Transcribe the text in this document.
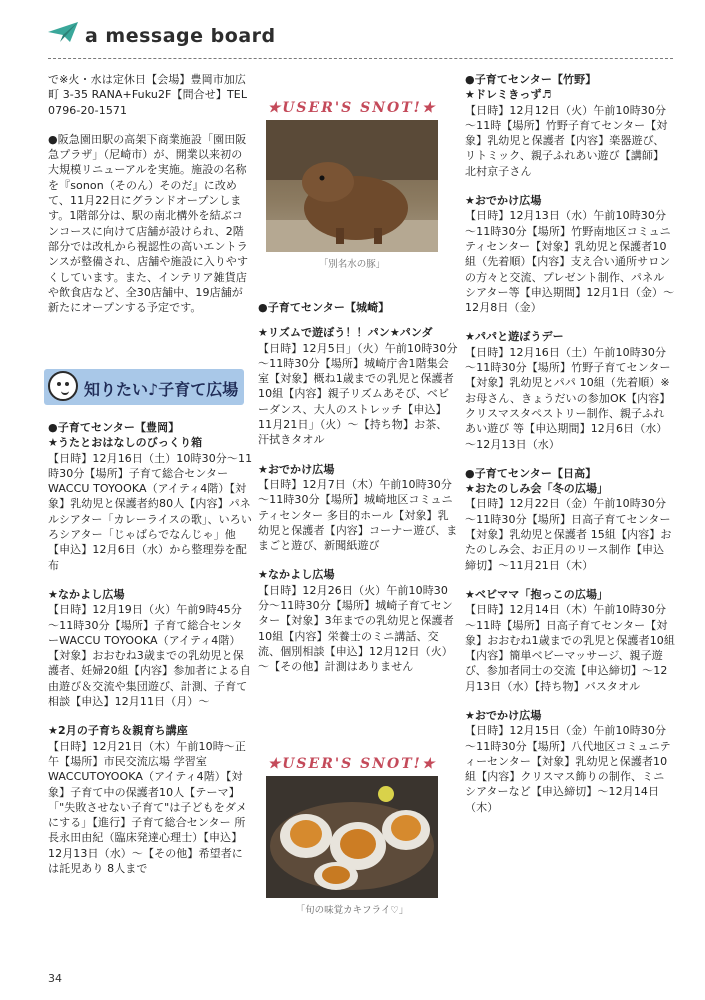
a message board

で※火・水は定休日【会場】豊岡市加広町 3-35 RANA+Fuku2F【問合せ】TEL 0796-20-1571

●阪急園田駅の高架下商業施設「園田阪急プラザ」（尼崎市）が、開業以来初の大規模リニューアルを実施。施設の名称を『sonon（そのん）そのだ』に改めて、11月22日にグランドオープンします。1階部分は、駅の南北構外を結ぶコンコースに向けて店舗が設けられ、2階部分では改札から視認性の高いエントランスが整備され、店舗や施設に入りやすくしています。また、インテリア雑貨店や飲食店など、全30店舗中、19店舗が新たにオープンする予定です。

知りたい♪子育て広場

●子育てセンター【豊岡】

★うたとおはなしのびっくり箱

【日時】12月16日（土）10時30分～11時30分【場所】子育て総合センターWACCU TOYOOKA（アイティ4階）【対象】乳幼児と保護者約80人【内容】パネルシアター「カレーライスの歌」、いろいろシアター「じゃばらでなんじゃ」他【申込】12月6日（水）から整理券を配布

★なかよし広場

【日時】12月19日（火）午前9時45分～11時30分【場所】子育て総合センターWACCU TOYOOKA（アイティ4階）【対象】おおむね3歳までの乳幼児と保護者、妊婦20組【内容】参加者による自由遊び＆交流や集団遊び、計測、子育て相談【申込】12月11日（月）～

★2月の子育ち＆親育ち講座

【日時】12月21日（木）午前10時～正午【場所】市民交流広場 学習室 WACCUTOYOOKA（アイティ4階）【対象】子育て中の保護者10人【テーマ】「"失敗させない子育て"は子どもをダメにする」【進行】子育て総合センター 所長永田由紀（臨床発達心理士）【申込】12月13日（水）～【その他】希望者には託児あり 8人まで

★USER'S SNOT!★
「別名水の豚」

●子育てセンター【城崎】

★リズムで遊ぼう！！パン★パンダ

【日時】12月5日」（火）午前10時30分～11時30分【場所】城崎庁舎1階集会室【対象】概ね1歳までの乳児と保護者10組【内容】親子リズムあそび、ベビーダンス、大人のストレッチ【申込】11月21日」（火）～【持ち物】お茶、汗拭きタオル

★おでかけ広場

【日時】12月7日（木）午前10時30分～11時30分【場所】城崎地区コミュニティセンター 多目的ホール【対象】乳幼児と保護者【内容】コーナー遊び、ままごと遊び、新聞紙遊び

★なかよし広場

【日時】12月26日（火）午前10時30分～11時30分【場所】城崎子育てセンター【対象】3年までの乳幼児と保護者10組【内容】栄養士のミニ講話、交流、個別相談【申込】12月12日（火）～【その他】計測はありません

★USER'S SNOT!★
「旬の味覚カキフライ♡」

●子育てセンター【竹野】

★ドレミきっず♬

【日時】12月12日（火）午前10時30分～11時【場所】竹野子育てセンター【対象】乳幼児と保護者【内容】楽器遊び、リトミック、親子ふれあい遊び【講師】北村京子さん

★おでかけ広場

【日時】12月13日（水）午前10時30分～11時30分【場所】竹野南地区コミュニティセンター【対象】乳幼児と保護者10組（先着順）【内容】支え合い通所サロンの方々と交流、プレゼント制作、パネルシアター等【申込期間】12月1日（金）～12月8日（金）

★パパと遊ぼうデー

【日時】12月16日（土）午前10時30分～11時30分【場所】竹野子育てセンター【対象】乳幼児とパパ 10組（先着順）※お母さん、きょうだいの参加OK【内容】クリスマスタペストリー制作、親子ふれあい遊び 等【申込期間】12月6日（水）～12月13日（水）

●子育てセンター【日高】

★おたのしみ会「冬の広場」

【日時】12月22日（金）午前10時30分～11時30分【場所】日高子育てセンター【対象】乳幼児と保護者 15組【内容】おたのしみ会、お正月のリース制作【申込締切】～11月21日（木）

★ベビママ「抱っこの広場」

【日時】12月14日（木）午前10時30分～11時【場所】日高子育てセンター【対象】おおむね1歳までの乳児と保護者10組【内容】簡単ベビーマッサージ、親子遊び、参加者同士の交流【申込締切】～12月13日（水）【持ち物】バスタオル

★おでかけ広場

【日時】12月15日（金）午前10時30分～11時30分【場所】八代地区コミュニティーセンター【対象】乳幼児と保護者10組【内容】クリスマス飾りの制作、ミニシアターなど【申込締切】～12月14日（木）

34
